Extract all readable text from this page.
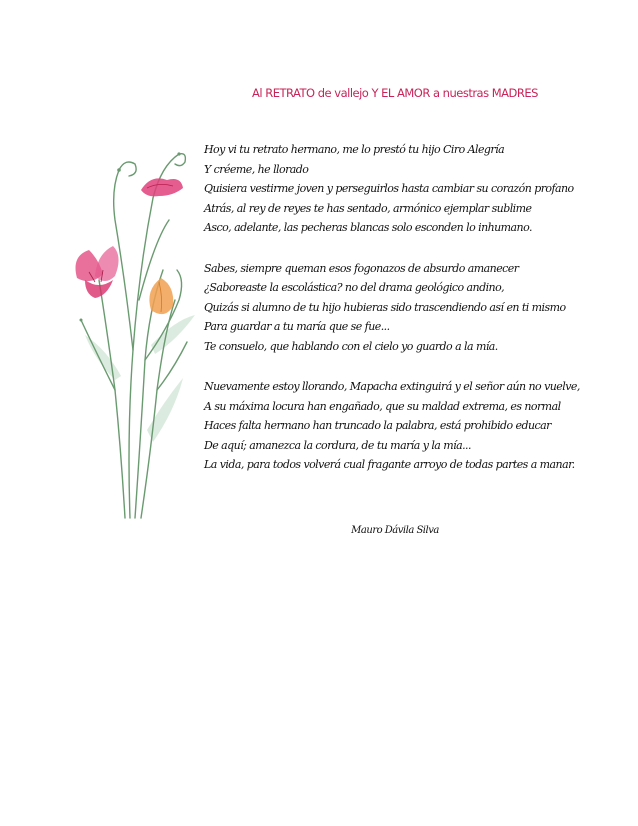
Al RETRATO de vallejo Y EL AMOR a nuestras MADRES
Hoy vi tu retrato hermano, me lo prestó tu hijo Ciro Alegría
Y créeme, he llorado
Quisiera vestirme joven y perseguirlos hasta cambiar su corazón profano
Atrás, al rey de reyes te has sentado, armónico ejemplar sublime
Asco, adelante, las pecheras blancas solo esconden lo inhumano.
Sabes, siempre queman esos fogonazos de absurdo amanecer
¿Saboreaste la escolástica? no del drama geológico andino,
Quizás si alumno de tu hijo hubieras sido trascendiendo así en ti mismo
Para guardar a tu maría que se fue...
Te consuelo, que hablando con el cielo yo guardo a la mía.
Nuevamente estoy llorando, Mapacha extinguirá y el señor aún no vuelve,
A su máxima locura han engañado, que su maldad extrema, es normal
Haces falta hermano han truncado la palabra, está prohibido educar
De aquí; amanezca la cordura, de tu maría y la mía...
La vida, para todos volverá cual fragante arroyo de todas partes a manar.
Mauro Dávila Silva
